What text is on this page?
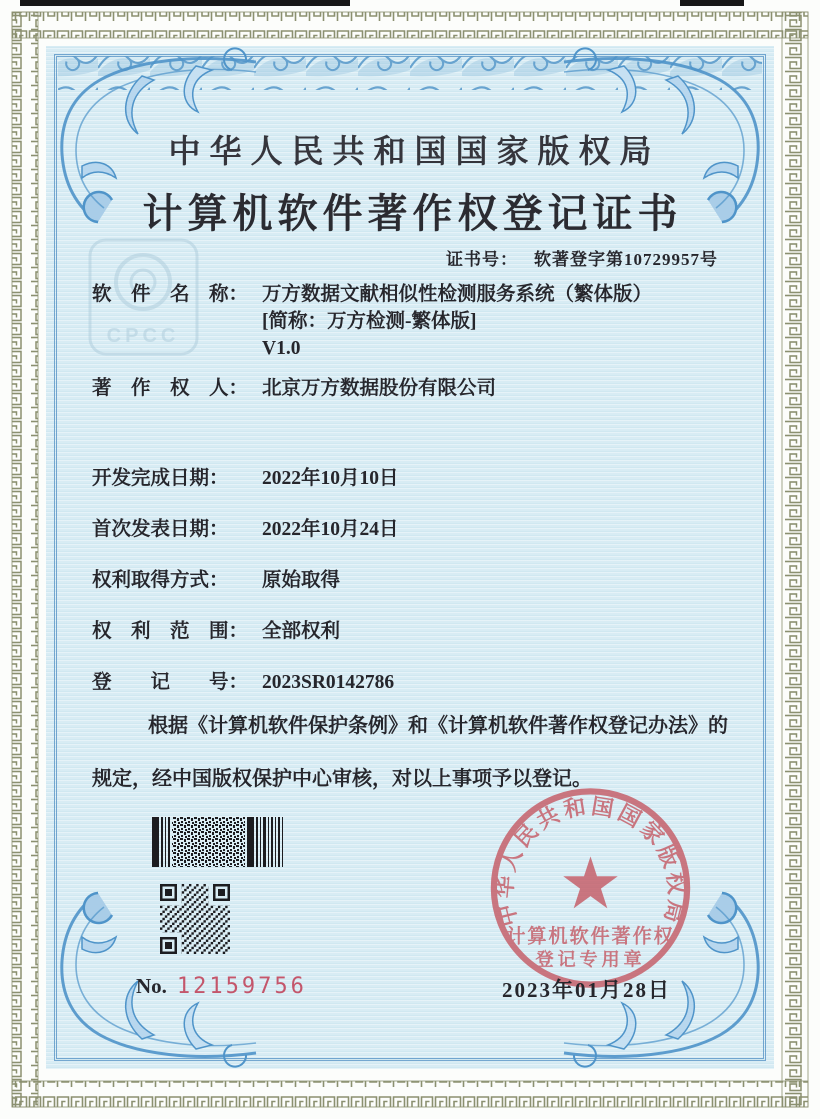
CPCC
中华人民共和国国家版权局
计算机软件著作权登记证书
证书号： 软著登字第10729957号
软　件　名　称： 万方数据文献相似性检测服务系统（繁体版）
[简称：万方检测-繁体版]
V1.0
著　作　权　人： 北京万方数据股份有限公司
开发完成日期：	2022年10月10日
首次发表日期：	2022年10月24日
权利取得方式：	原始取得
权　利　范　围： 全部权利
登　　记　　号： 2023SR0142786
根据《计算机软件保护条例》和《计算机软件著作权登记办法》的
规定，经中国版权保护中心审核，对以上事项予以登记。
中华人民共和国国家版权局
计算机软件著作权
登记专用章
No. 12159756	2023年01月28日
